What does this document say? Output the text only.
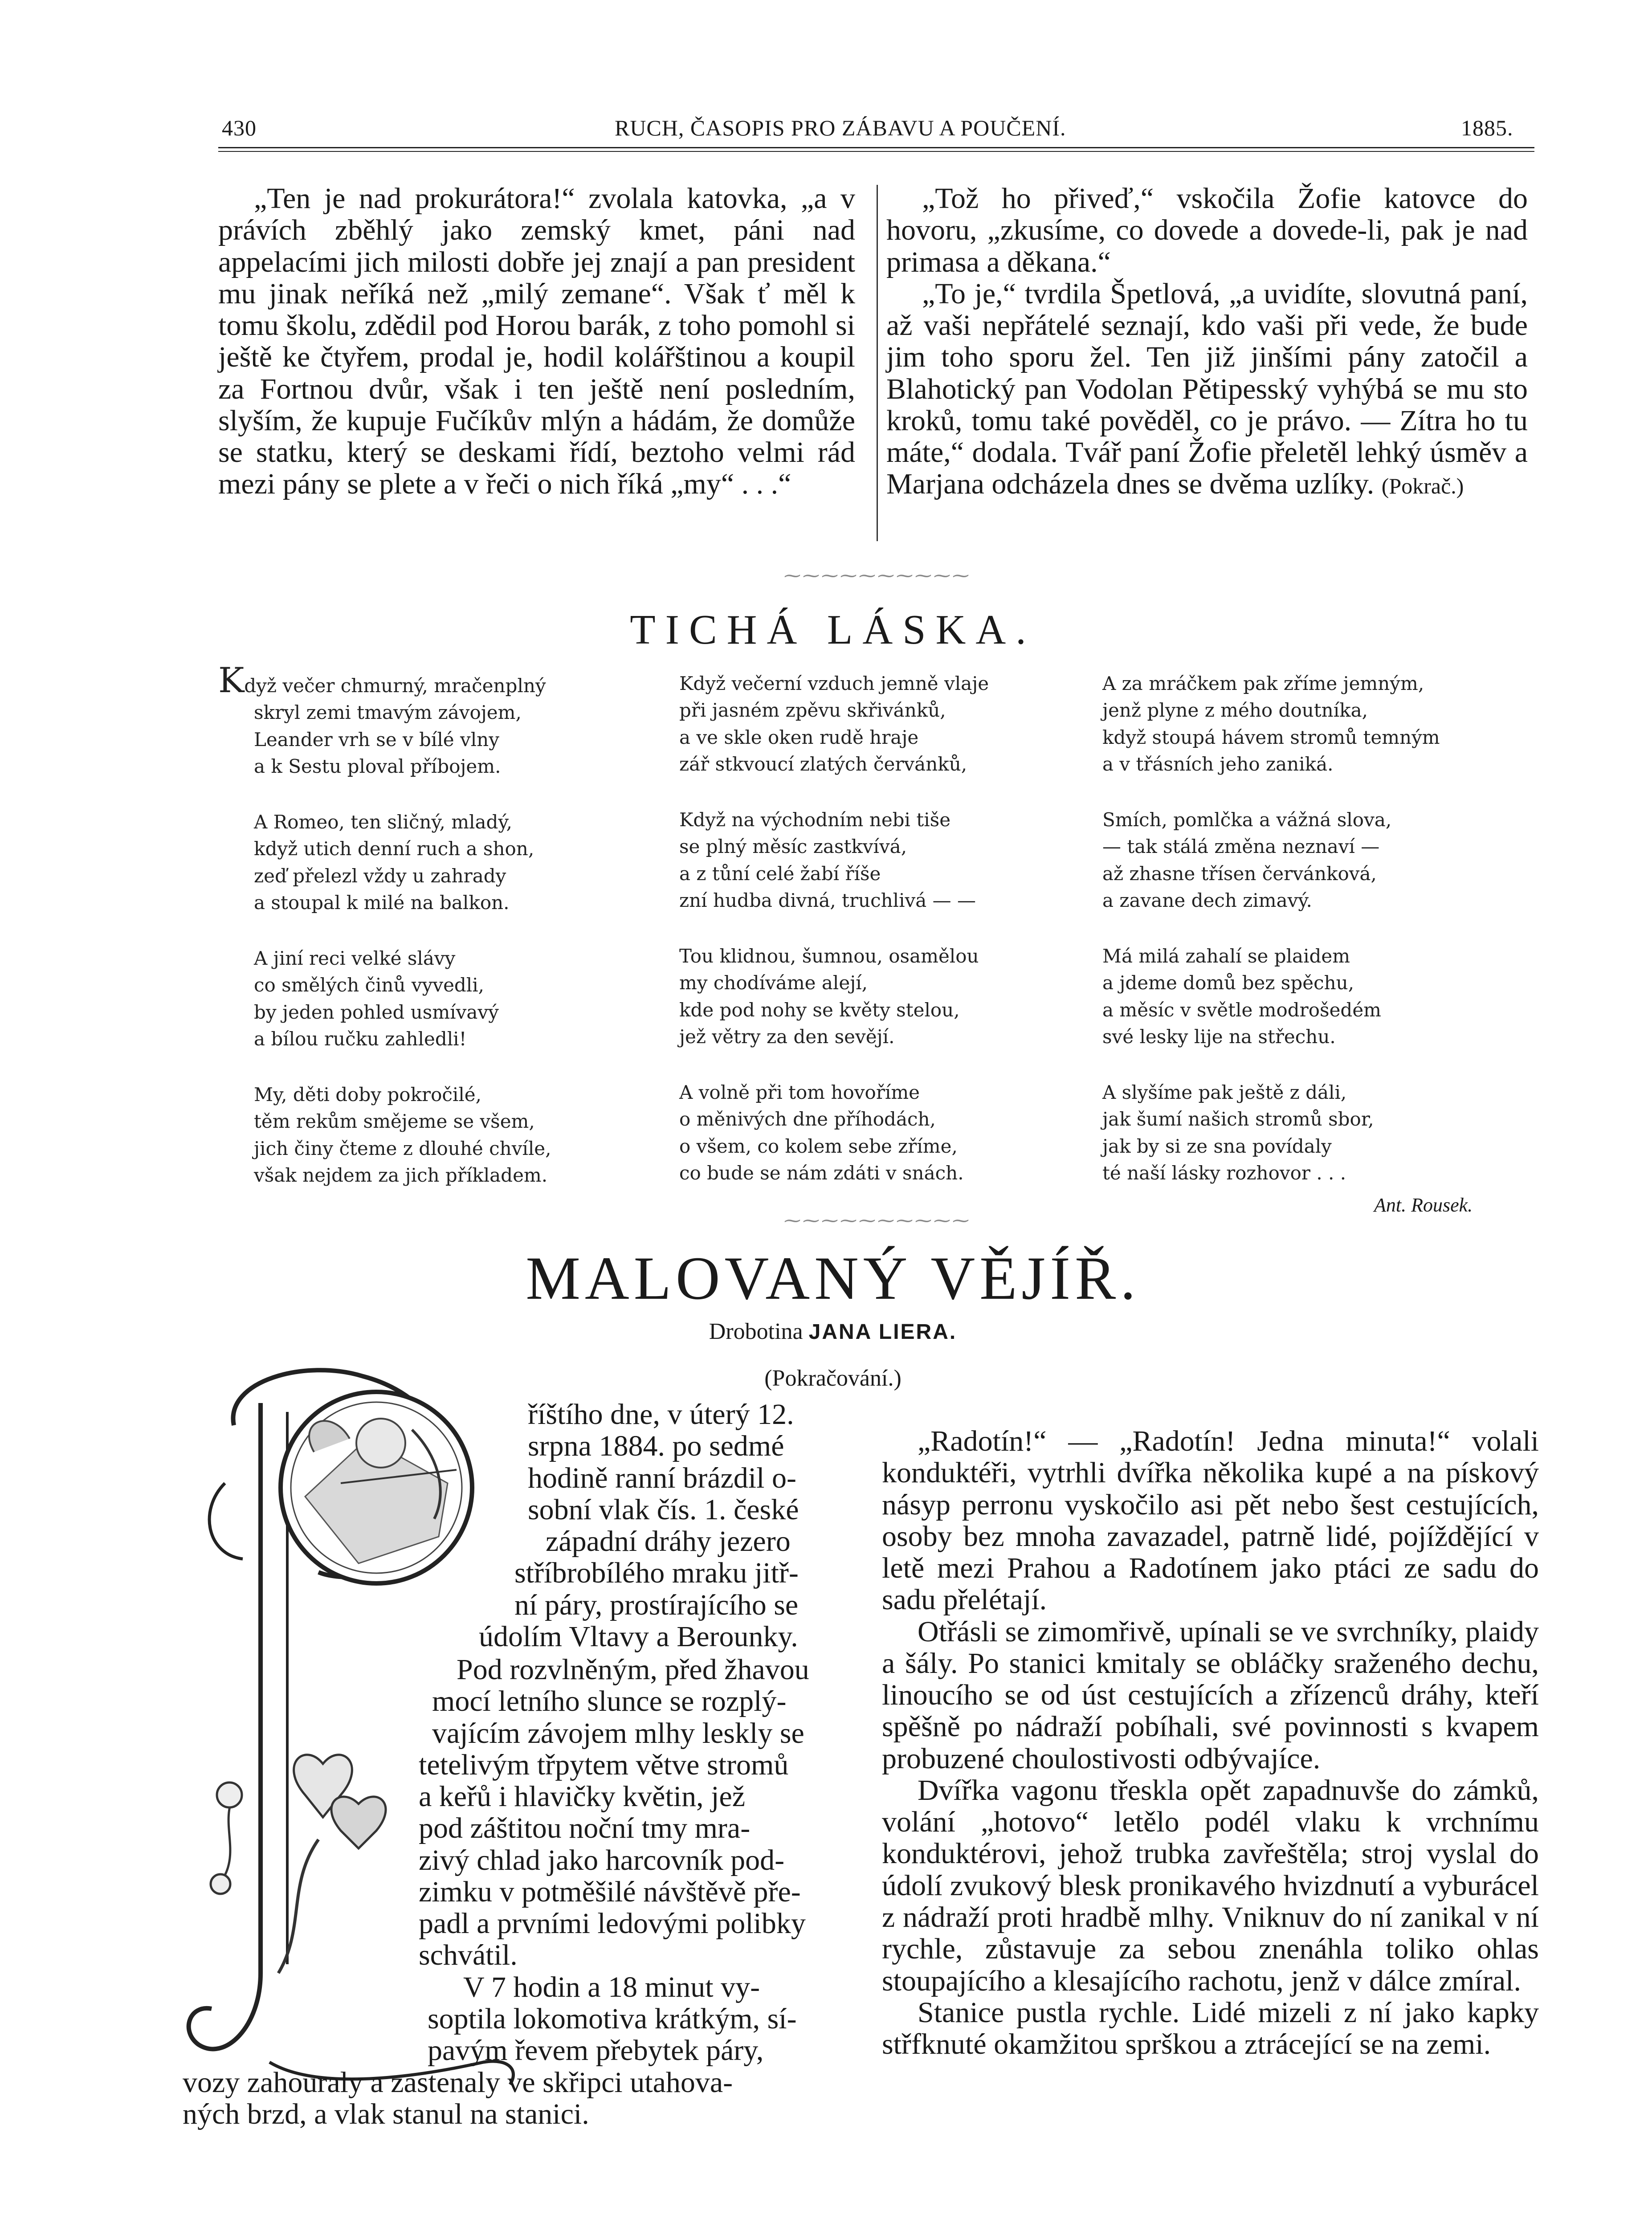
430	RUCH, ČASOPIS PRO ZÁBAVU A POUČENÍ.	1885.

„Ten je nad prokurátora!“ zvolala katovka, „a v právích zběhlý jako zemský kmet, páni nad appelacími jich milosti dobře jej znají a pan president mu jinak neříká než „milý zemane“. Však ť měl k tomu školu, zdědil pod Horou barák, z toho pomohl si ještě ke čtyřem, prodal je, hodil kolářštinou a koupil za Fortnou dvůr, však i ten ještě není posledním, slyším, že kupuje Fučíkův mlýn a hádám, že domůže se statku, který se deskami řídí, beztoho velmi rád mezi pány se plete a v řeči o nich říká „my“ . . .“

„Tož ho přiveď,“ vskočila Žofie katovce do hovoru, „zkusíme, co dovede a dovede-li, pak je nad primasa a děkana.“

„To je,“ tvrdila Špetlová, „a uvidíte, slovutná paní, až vaši nepřátelé seznají, kdo vaši při vede, že bude jim toho sporu žel. Ten již jinšími pány zatočil a Blahotický pan Vodolan Pětipesský vyhýbá se mu sto kroků, tomu také pověděl, co je právo. — Zítra ho tu máte,“ dodala. Tvář paní Žofie přeletěl lehký úsměv a Marjana odcházela dnes se dvěma uzlíky. (Pokrač.)

⁓⁓⁓⁓⁓⁓⁓⁓⁓⁓
TICHÁ LÁSKA.
Když večer chmurný, mračenplný
skryl zemi tmavým závojem,
Leander vrh se v bílé vlny
a k Sestu ploval příbojem.
A Romeo, ten sličný, mladý,
když utich denní ruch a shon,
zeď přelezl vždy u zahrady
a stoupal k milé na balkon.
A jiní reci velké slávy
co smělých činů vyvedli,
by jeden pohled usmívavý
a bílou ručku zahledli!
My, děti doby pokročilé,
těm rekům smějeme se všem,
jich činy čteme z dlouhé chvíle,
však nejdem za jich příkladem.
Když večerní vzduch jemně vlaje
při jasném zpěvu skřivánků,
a ve skle oken rudě hraje
zář stkvoucí zlatých červánků,
Když na východním nebi tiše
se plný měsíc zastkvívá,
a z tůní celé žabí říše
zní hudba divná, truchlivá — —
Tou klidnou, šumnou, osamělou
my chodíváme alejí,
kde pod nohy se květy stelou,
jež větry za den sevějí.
A volně při tom hovoříme
o měnivých dne příhodách,
o všem, co kolem sebe zříme,
co bude se nám zdáti v snách.
A za mráčkem pak zříme jemným,
jenž plyne z mého doutníka,
když stoupá hávem stromů temným
a v třásních jeho zaniká.
Smích, pomlčka a vážná slova,
— tak stálá změna neznaví —
až zhasne třísen červánková,
a zavane dech zimavý.
Má milá zahalí se plaidem
a jdeme domů bez spěchu,
a měsíc v světle modrošedém
své lesky lije na střechu.
A slyšíme pak ještě z dáli,
jak šumí našich stromů sbor,
jak by si ze sna povídaly
té naší lásky rozhovor . . .
Ant. Rousek.
⁓⁓⁓⁓⁓⁓⁓⁓⁓⁓
MALOVANÝ VĚJÍŘ.
Drobotina JANA LIERA.
(Pokračování.)
říštího dne, v úterý 12.
srpna 1884. po sedmé
hodině ranní brázdil o-
sobní vlak čís. 1. české
západní dráhy jezero
stříbrobílého mraku jitř-
ní páry, prostírajícího se
údolím Vltavy a Berounky.
Pod rozvlněným, před žhavou
mocí letního slunce se rozplý-
vajícím závojem mlhy leskly se
tetelivým třpytem větve stromů
a keřů i hlavičky květin, jež
pod záštitou noční tmy mra-
zivý chlad jako harcovník pod-
zimku v potměšilé návštěvě pře-
padl a prvními ledovými polibky
schvátil.
V 7 hodin a 18 minut vy-
soptila lokomotiva krátkým, sí-
pavým řevem přebytek páry,
vozy zahouraly a zastenaly ve skřipci utahova-
ných brzd, a vlak stanul na stanici.

„Radotín!“ — „Radotín! Jedna minuta!“ volali konduktéři, vytrhli dvířka několika kupé a na pískový násyp perronu vyskočilo asi pět nebo šest cestujících, osoby bez mnoha zavazadel, patrně lidé, pojíždějící v letě mezi Prahou a Radotínem jako ptáci ze sadu do sadu přelétají.

Otřásli se zimomřivě, upínali se ve svrchníky, plaidy a šály. Po stanici kmitaly se obláčky sraženého dechu, linoucího se od úst cestujících a zřízenců dráhy, kteří spěšně po nádraží pobíhali, své povinnosti s kvapem probuzené choulostivosti odbývajíce.

Dvířka vagonu třeskla opět zapadnuvše do zámků, volání „hotovo“ letělo podél vlaku k vrchnímu konduktérovi, jehož trubka zavřeštěla; stroj vyslal do údolí zvukový blesk pronikavého hvizdnutí a vyburácel z nádraží proti hradbě mlhy. Vniknuv do ní zanikal v ní rychle, zůstavuje za sebou znenáhla toliko ohlas stoupajícího a klesajícího rachotu, jenž v dálce zmíral.

Stanice pustla rychle. Lidé mizeli z ní jako kapky střfknuté okamžitou sprškou a ztrácející se na zemi.
